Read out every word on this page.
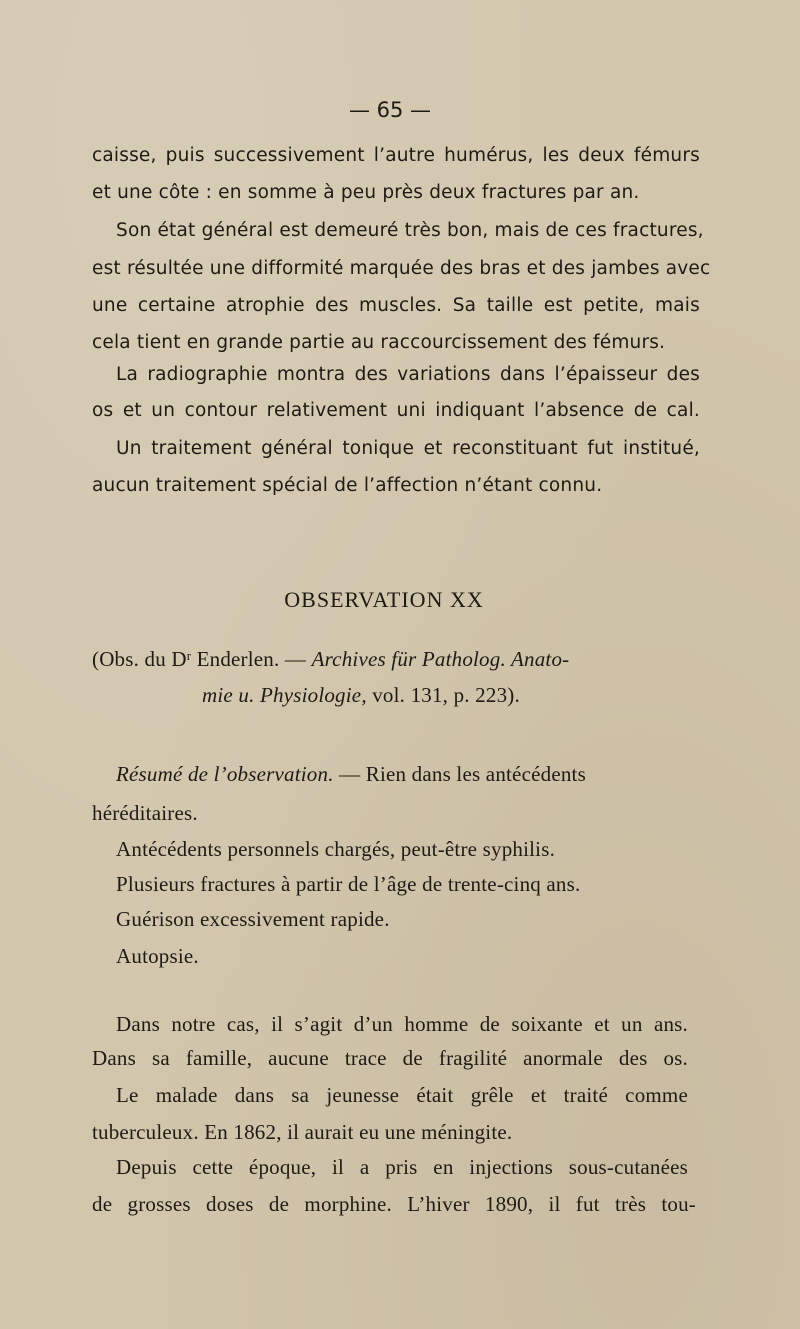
— 65 —
caisse, puis successivement l’autre humérus, les deux fémurs
et une côte : en somme à peu près deux fractures par an.
Son état général est demeuré très bon, mais de ces fractures,
est résultée une difformité marquée des bras et des jambes avec
une certaine atrophie des muscles. Sa taille est petite, mais
cela tient en grande partie au raccourcissement des fémurs.
La radiographie montra des variations dans l’épaisseur des
os et un contour relativement uni indiquant l’absence de cal.
Un traitement général tonique et reconstituant fut institué,
aucun traitement spécial de l’affection n’étant connu.
OBSERVATION XX
(Obs. du $D^r$ Enderlen. — Archives für Patholog. Anato-
mie u. Physiologie, vol. 131, p. 223).
Résumé de l’observation. — Rien dans les antécédents
héréditaires.
Antécédents personnels chargés, peut-être syphilis.
Plusieurs fractures à partir de l’âge de trente-cinq ans.
Guérison excessivement rapide.
Autopsie.
Dans notre cas, il s’agit d’un homme de soixante et un ans.
Dans sa famille, aucune trace de fragilité anormale des os.
Le malade dans sa jeunesse était grêle et traité comme
tuberculeux. En 1862, il aurait eu une méningite.
Depuis cette époque, il a pris en injections sous-cutanées
de grosses doses de morphine. L’hiver 1890, il fut très tou-
